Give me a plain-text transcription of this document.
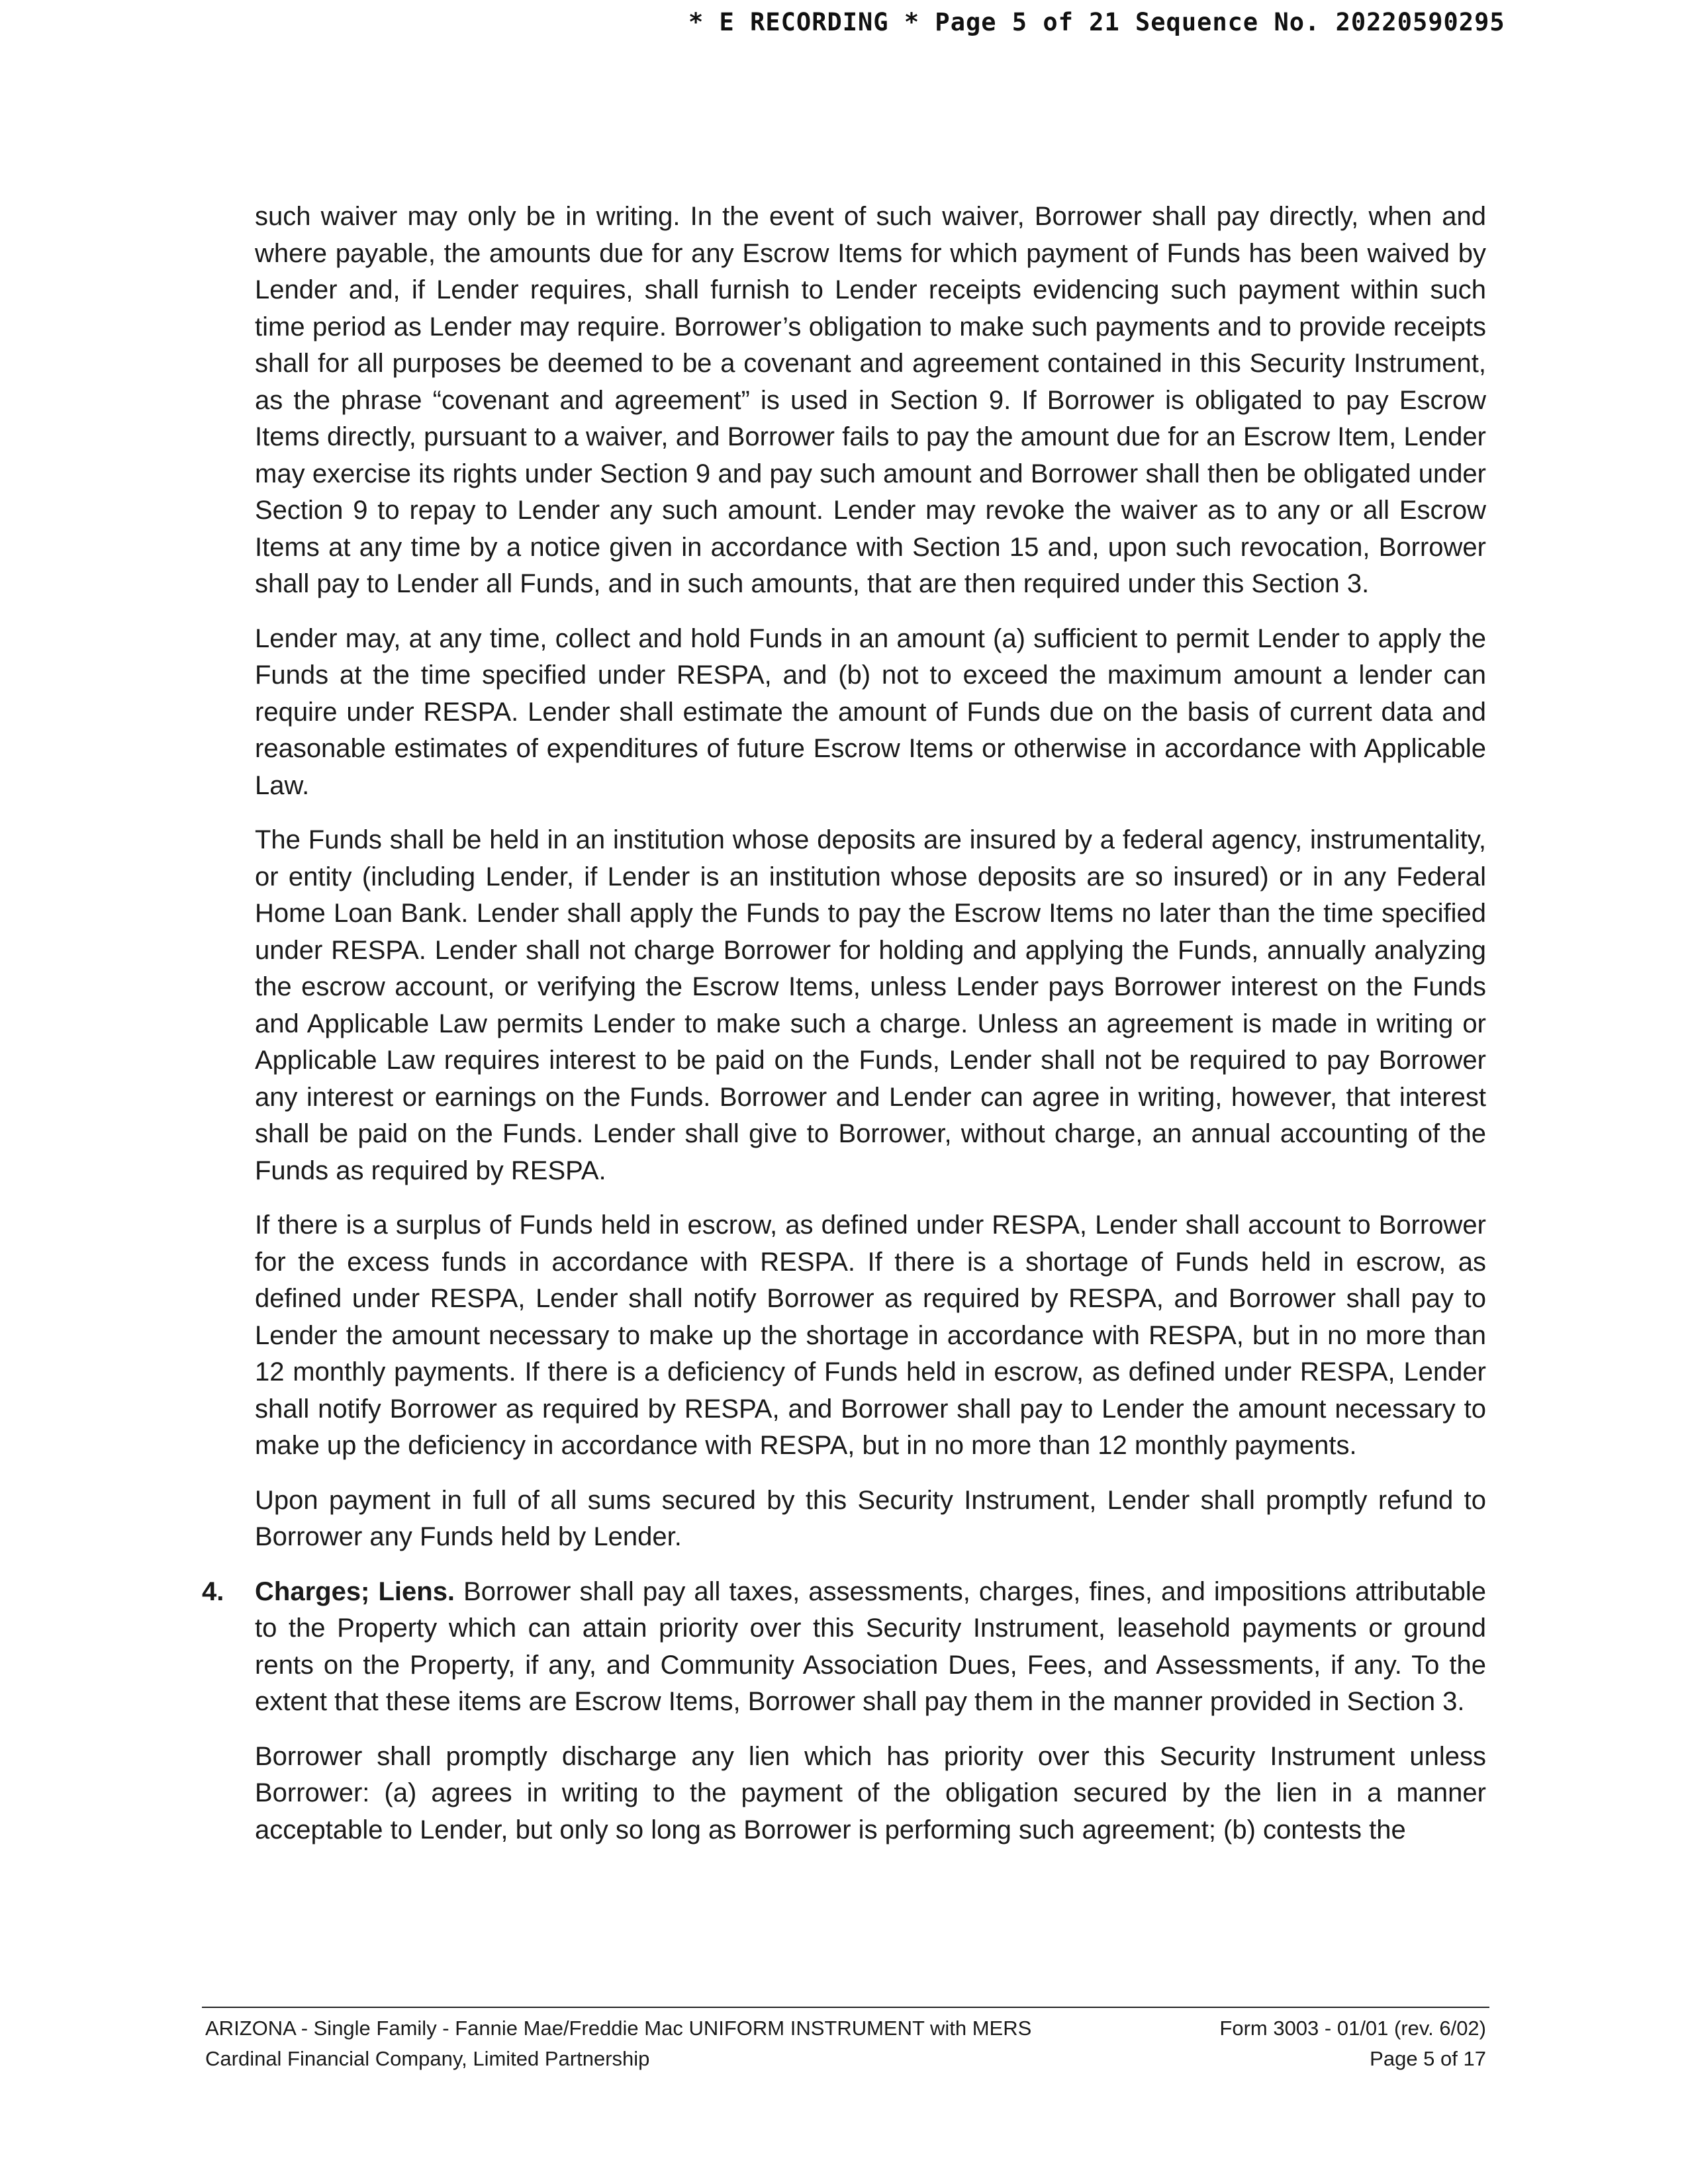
* E RECORDING * Page 5 of 21 Sequence No. 20220590295

such waiver may only be in writing. In the event of such waiver, Borrower shall pay directly, when and where payable, the amounts due for any Escrow Items for which payment of Funds has been waived by Lender and, if Lender requires, shall furnish to Lender receipts evidencing such payment within such time period as Lender may require. Borrower’s obligation to make such payments and to provide receipts shall for all purposes be deemed to be a covenant and agreement contained in this Security Instrument, as the phrase “covenant and agreement” is used in Section 9. If Borrower is obligated to pay Escrow Items directly, pursuant to a waiver, and Borrower fails to pay the amount due for an Escrow Item, Lender may exercise its rights under Section 9 and pay such amount and Borrower shall then be obligated under Section 9 to repay to Lender any such amount. Lender may revoke the waiver as to any or all Escrow Items at any time by a notice given in accordance with Section 15 and, upon such revocation, Borrower shall pay to Lender all Funds, and in such amounts, that are then required under this Section 3.

Lender may, at any time, collect and hold Funds in an amount (a) sufficient to permit Lender to apply the Funds at the time specified under RESPA, and (b) not to exceed the maximum amount a lender can require under RESPA. Lender shall estimate the amount of Funds due on the basis of current data and reasonable estimates of expenditures of future Escrow Items or otherwise in accordance with Applicable Law.

The Funds shall be held in an institution whose deposits are insured by a federal agency, instrumentality, or entity (including Lender, if Lender is an institution whose deposits are so insured) or in any Federal Home Loan Bank. Lender shall apply the Funds to pay the Escrow Items no later than the time specified under RESPA. Lender shall not charge Borrower for holding and applying the Funds, annually analyzing the escrow account, or verifying the Escrow Items, unless Lender pays Borrower interest on the Funds and Applicable Law permits Lender to make such a charge. Unless an agreement is made in writing or Applicable Law requires interest to be paid on the Funds, Lender shall not be required to pay Borrower any interest or earnings on the Funds. Borrower and Lender can agree in writing, however, that interest shall be paid on the Funds. Lender shall give to Borrower, without charge, an annual accounting of the Funds as required by RESPA.

If there is a surplus of Funds held in escrow, as defined under RESPA, Lender shall account to Borrower for the excess funds in accordance with RESPA. If there is a shortage of Funds held in escrow, as defined under RESPA, Lender shall notify Borrower as required by RESPA, and Borrower shall pay to Lender the amount necessary to make up the shortage in accordance with RESPA, but in no more than 12 monthly payments. If there is a deficiency of Funds held in escrow, as defined under RESPA, Lender shall notify Borrower as required by RESPA, and Borrower shall pay to Lender the amount necessary to make up the deficiency in accordance with RESPA, but in no more than 12 monthly payments.

Upon payment in full of all sums secured by this Security Instrument, Lender shall promptly refund to Borrower any Funds held by Lender.

4. Charges; Liens. Borrower shall pay all taxes, assessments, charges, fines, and impositions attributable to the Property which can attain priority over this Security Instrument, leasehold payments or ground rents on the Property, if any, and Community Association Dues, Fees, and Assessments, if any. To the extent that these items are Escrow Items, Borrower shall pay them in the manner provided in Section 3.

Borrower shall promptly discharge any lien which has priority over this Security Instrument unless Borrower: (a) agrees in writing to the payment of the obligation secured by the lien in a manner acceptable to Lender, but only so long as Borrower is performing such agreement; (b) contests the

ARIZONA - Single Family - Fannie Mae/Freddie Mac UNIFORM INSTRUMENT with MERS
Cardinal Financial Company, Limited Partnership
Form 3003 - 01/01 (rev. 6/02)
Page 5 of 17
